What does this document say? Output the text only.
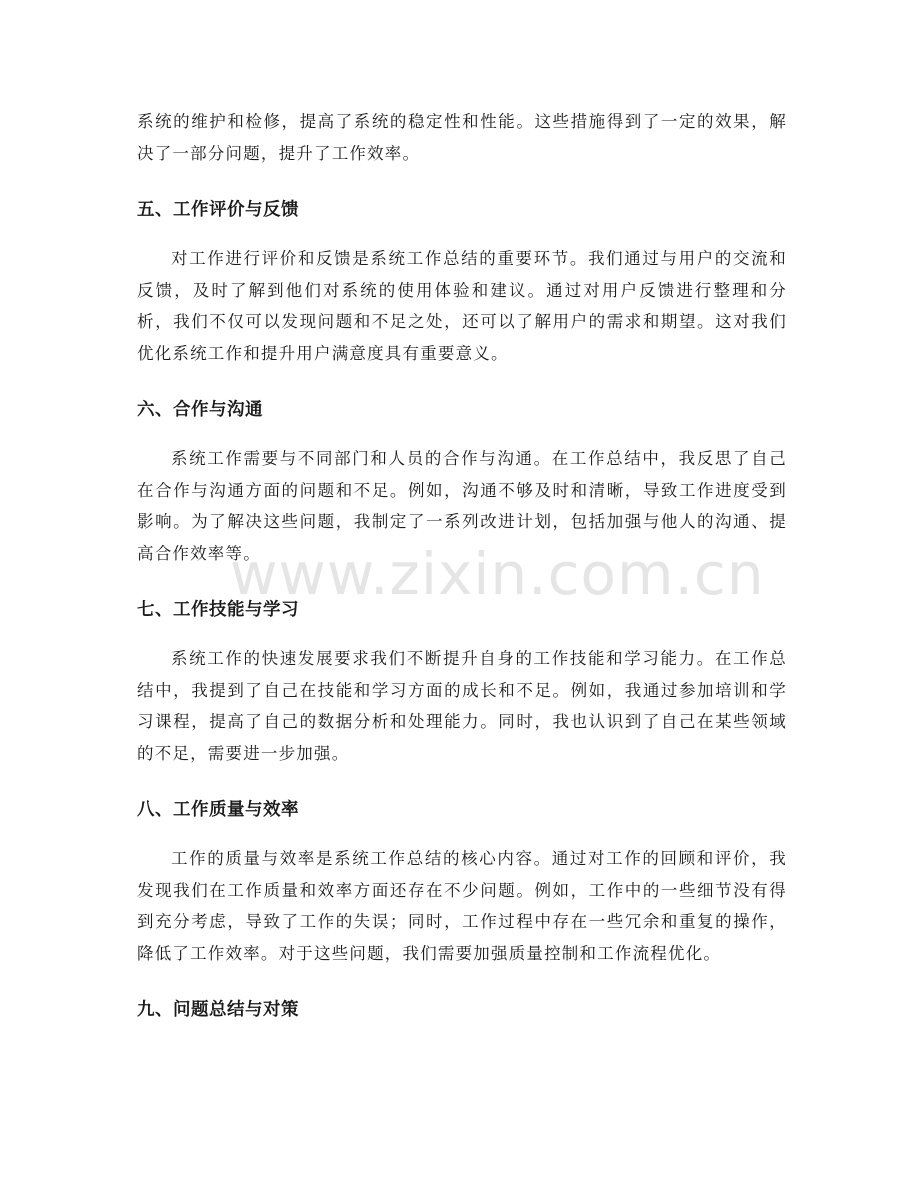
系统的维护和检修，提高了系统的稳定性和性能。这些措施得到了一定的效果，解决了一部分问题，提升了工作效率。

五、工作评价与反馈

对工作进行评价和反馈是系统工作总结的重要环节。我们通过与用户的交流和反馈，及时了解到他们对系统的使用体验和建议。通过对用户反馈进行整理和分析，我们不仅可以发现问题和不足之处，还可以了解用户的需求和期望。这对我们优化系统工作和提升用户满意度具有重要意义。

六、合作与沟通

系统工作需要与不同部门和人员的合作与沟通。在工作总结中，我反思了自己在合作与沟通方面的问题和不足。例如，沟通不够及时和清晰，导致工作进度受到影响。为了解决这些问题，我制定了一系列改进计划，包括加强与他人的沟通、提高合作效率等。

七、工作技能与学习

系统工作的快速发展要求我们不断提升自身的工作技能和学习能力。在工作总结中，我提到了自己在技能和学习方面的成长和不足。例如，我通过参加培训和学习课程，提高了自己的数据分析和处理能力。同时，我也认识到了自己在某些领域的不足，需要进一步加强。

八、工作质量与效率

工作的质量与效率是系统工作总结的核心内容。通过对工作的回顾和评价，我发现我们在工作质量和效率方面还存在不少问题。例如，工作中的一些细节没有得到充分考虑，导致了工作的失误；同时，工作过程中存在一些冗余和重复的操作，降低了工作效率。对于这些问题，我们需要加强质量控制和工作流程优化。

九、问题总结与对策
www.zixin.com.cn
